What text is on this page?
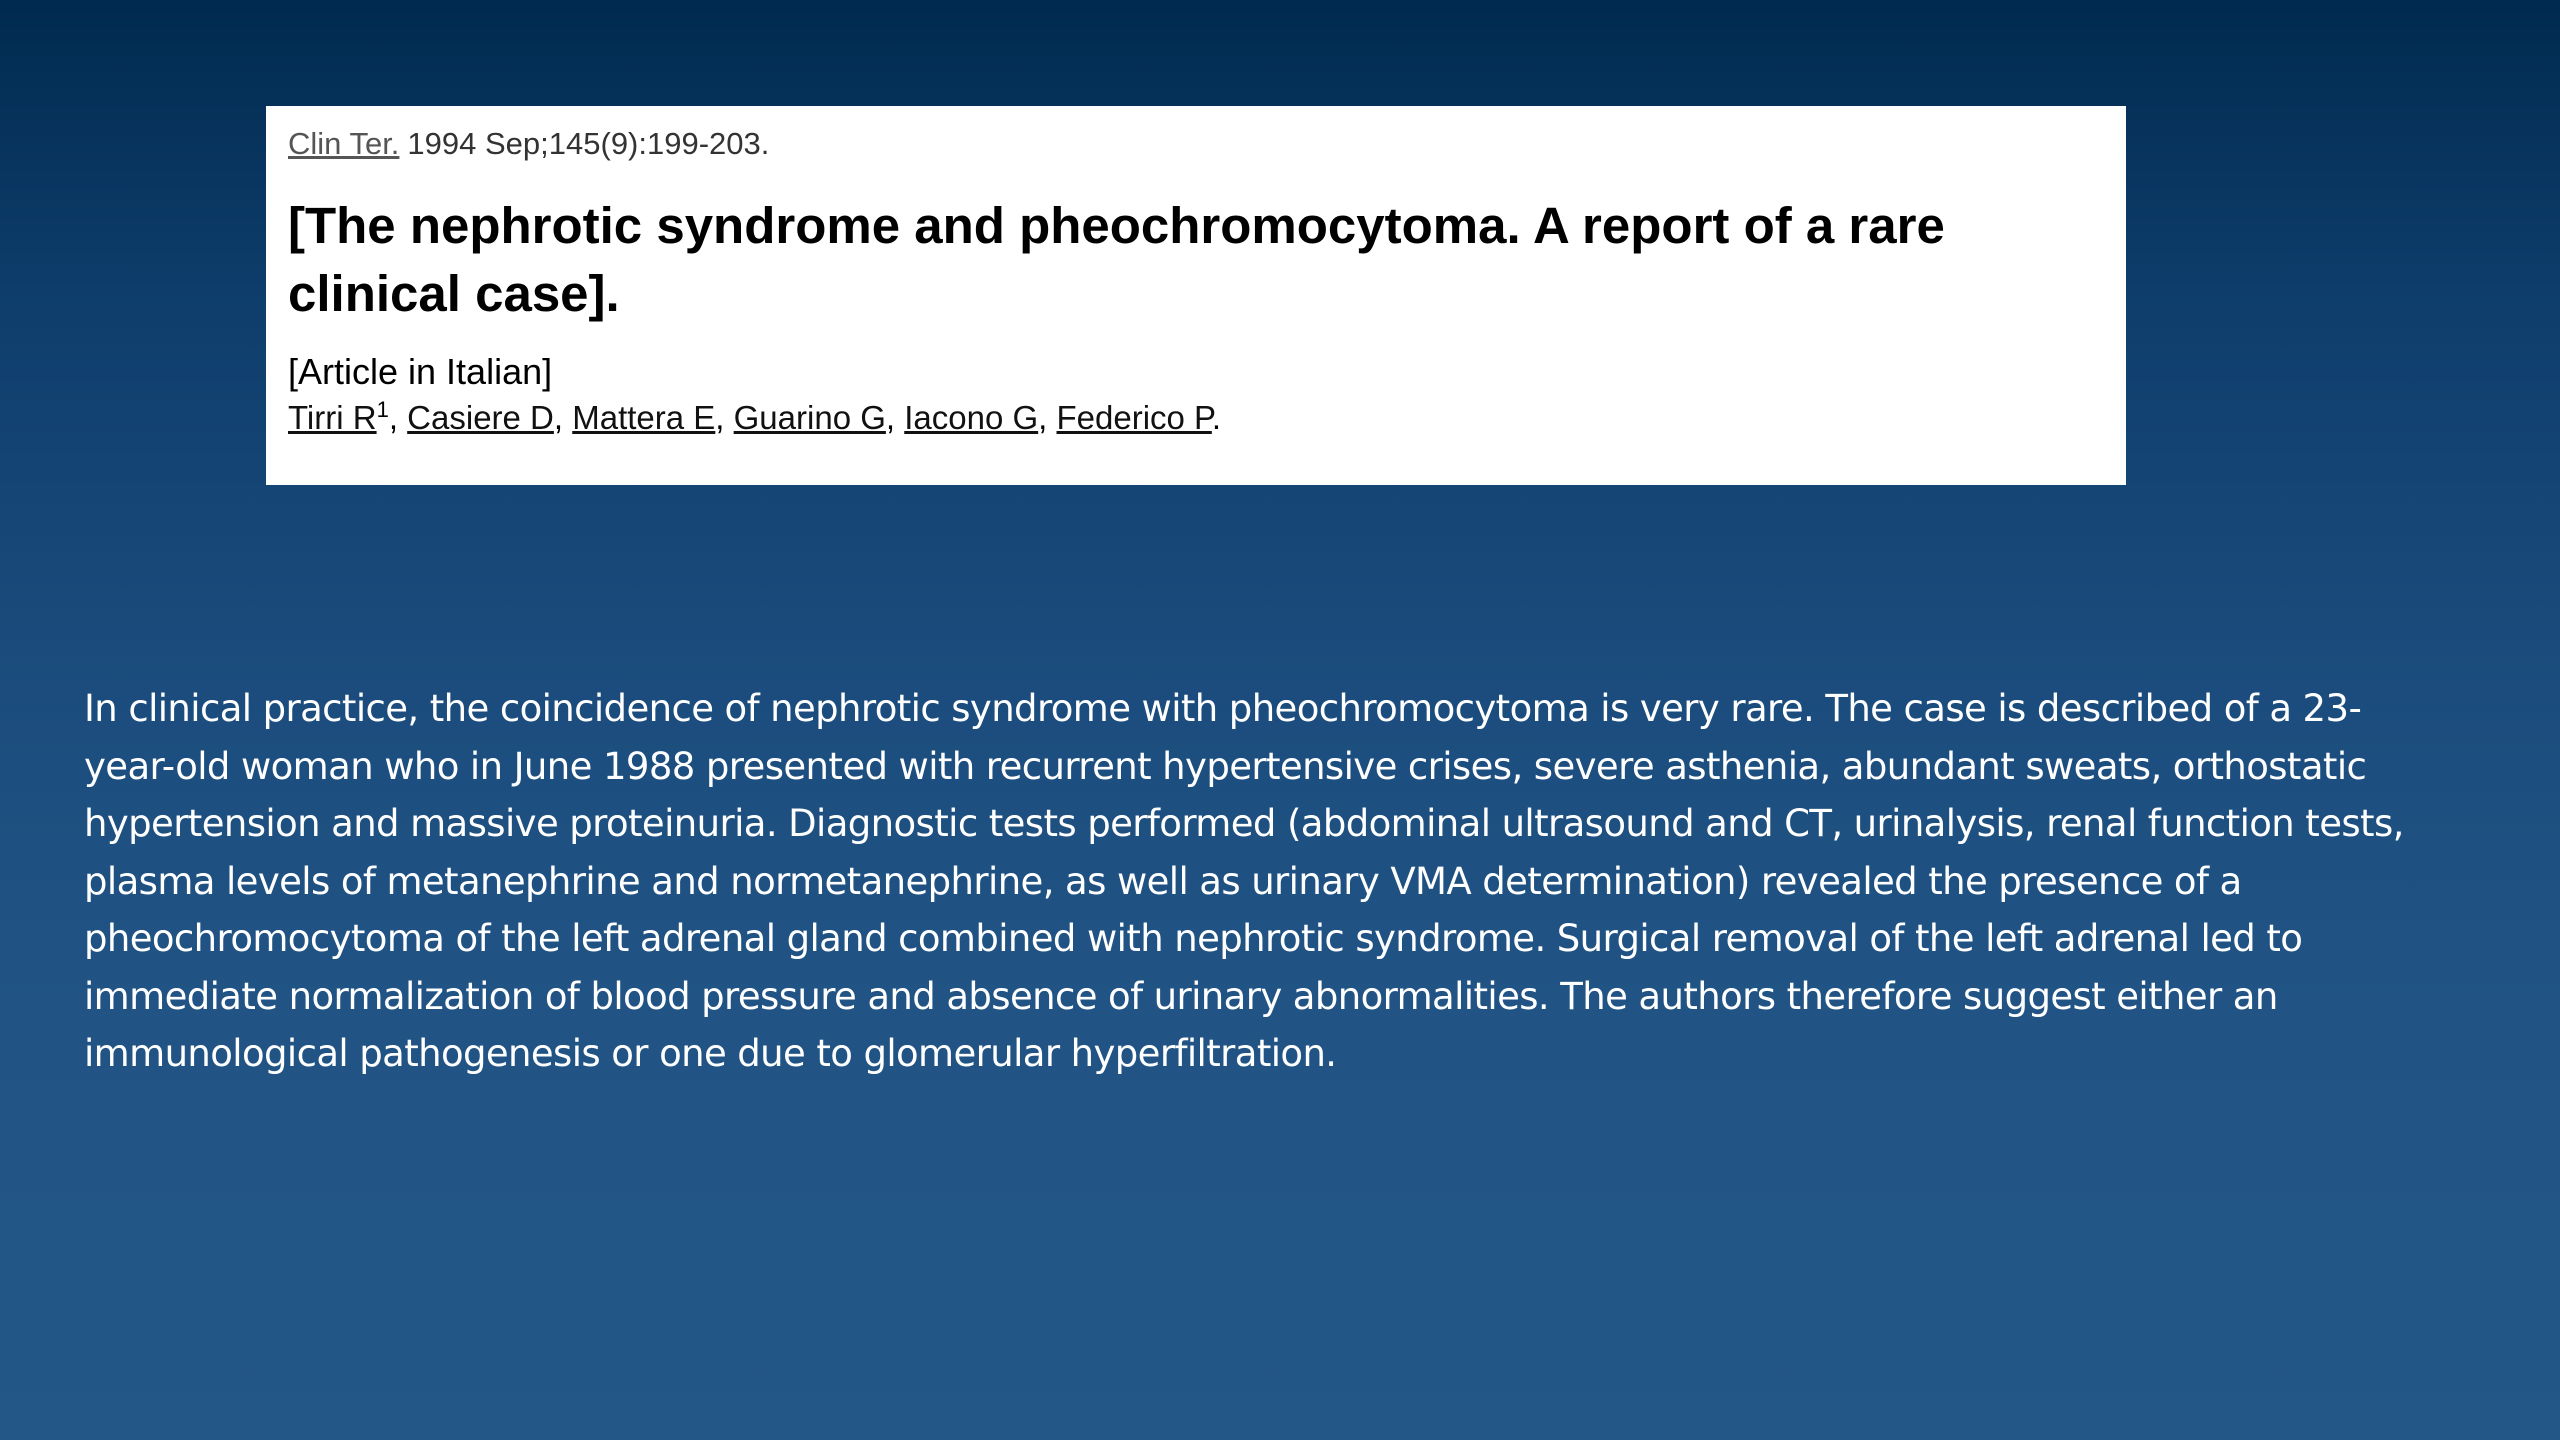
Clin Ter. 1994 Sep;145(9):199-203.
[The nephrotic syndrome and pheochromocytoma. A report of a rare clinical case].
[Article in Italian]
Tirri $R^1$, Casiere D, Mattera E, Guarino G, Iacono G, Federico P.

In clinical practice, the coincidence of nephrotic syndrome with pheochromocytoma is very rare. The case is described of a 23-year-old woman who in June 1988 presented with recurrent hypertensive crises, severe asthenia, abundant sweats, orthostatic hypertension and massive proteinuria. Diagnostic tests performed (abdominal ultrasound and CT, urinalysis, renal function tests, plasma levels of metanephrine and normetanephrine, as well as urinary VMA determination) revealed the presence of a pheochromocytoma of the left adrenal gland combined with nephrotic syndrome. Surgical removal of the left adrenal led to immediate normalization of blood pressure and absence of urinary abnormalities. The authors therefore suggest either an immunological pathogenesis or one due to glomerular hyperfiltration.
